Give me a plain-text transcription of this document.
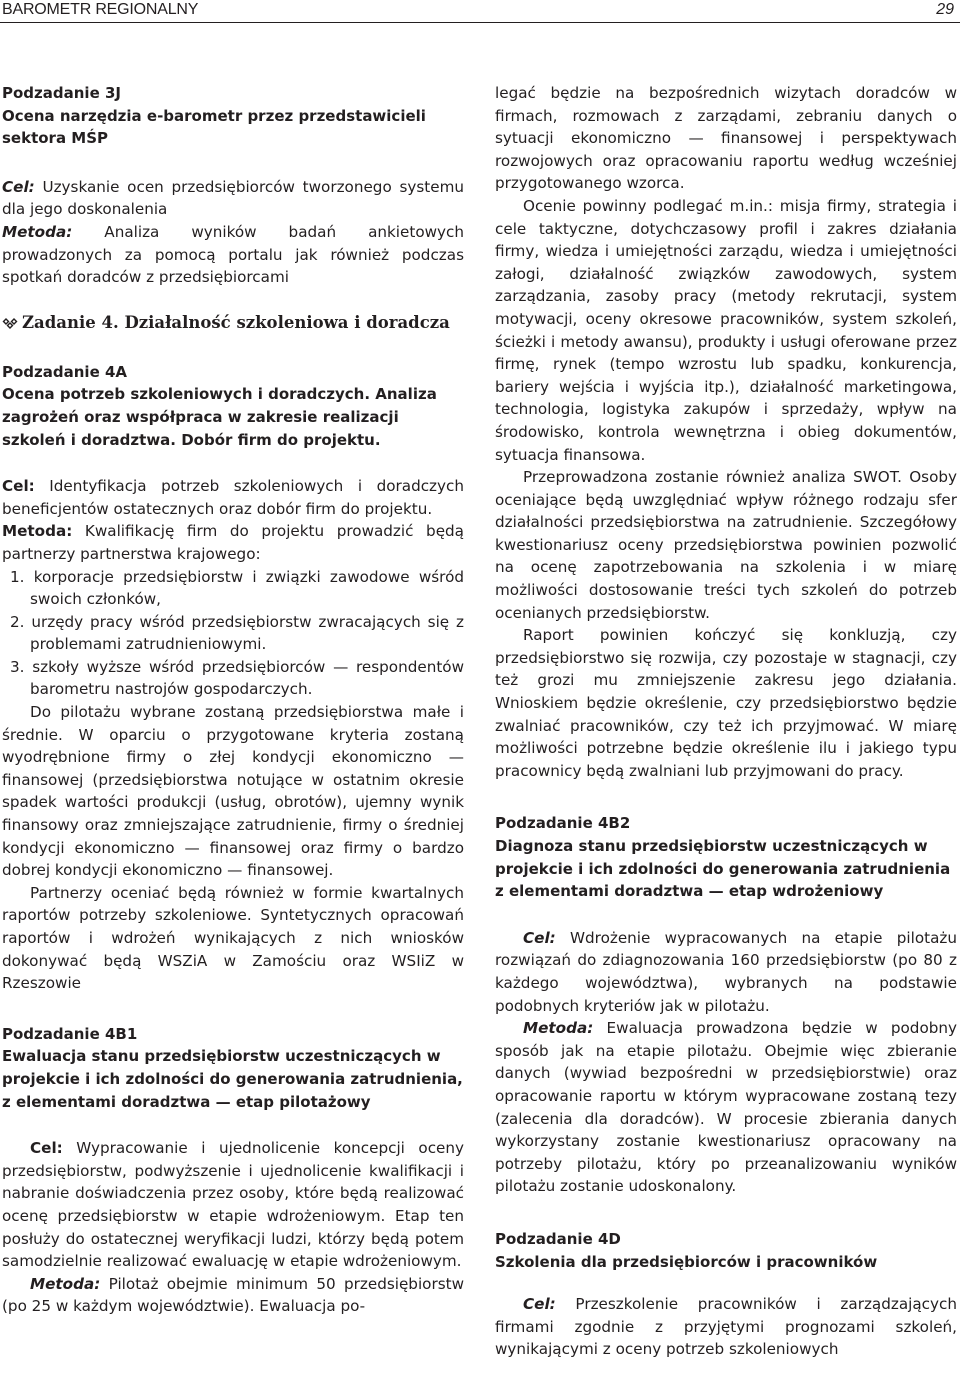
BAROMETR REGIONALNY	29
Podzadanie 3J
Ocena narzędzia e-barometr przez przedstawicieli
sektora MŚP
Cel: Uzyskanie ocen przedsiębiorców tworzonego systemu dla jego doskonalenia
Metoda: Analiza wyników badań ankietowych prowadzonych za pomocą portalu jak również podczas spotkań doradców z przedsiębiorcami
Zadanie 4. Działalność szkoleniowa i doradcza
Podzadanie 4A
Ocena potrzeb szkoleniowych i doradczych. Analiza zagrożeń oraz współpraca w zakresie realizacji szkoleń i doradztwa. Dobór firm do projektu.
Cel: Identyfikacja potrzeb szkoleniowych i doradczych beneficjentów ostatecznych oraz dobór firm do projektu.
Metoda: Kwalifikację firm do projektu prowadzić będą partnerzy partnerstwa krajowego:
1. korporacje przedsiębiorstw i związki zawodowe wśród swoich członków,
2. urzędy pracy wśród przedsiębiorstw zwracających się z problemami zatrudnieniowymi.
3. szkoły wyższe wśród przedsiębiorców — respondentów barometru nastrojów gospodarczych.
Do pilotażu wybrane zostaną przedsiębiorstwa małe i średnie. W oparciu o przygotowane kryteria zostaną wyodrębnione firmy o złej kondycji ekonomiczno — finansowej (przedsiębiorstwa notujące w ostatnim okresie spadek wartości produkcji (usług, obrotów), ujemny wynik finansowy oraz zmniejszające zatrudnienie, firmy o średniej kondycji ekonomiczno — finansowej oraz firmy o bardzo dobrej kondycji ekonomiczno — finansowej.
Partnerzy oceniać będą również w formie kwartalnych raportów potrzeby szkoleniowe. Syntetycznych opracowań raportów i wdrożeń wynikających z nich wniosków dokonywać będą WSZiA w Zamościu oraz WSIiZ w Rzeszowie
Podzadanie 4B1
Ewaluacja stanu przedsiębiorstw uczestniczących w projekcie i ich zdolności do generowania zatrudnienia, z elementami doradztwa — etap pilotażowy
Cel: Wypracowanie i ujednolicenie koncepcji oceny przedsiębiorstw, podwyższenie i ujednolicenie kwalifikacji i nabranie doświadczenia przez osoby, które będą realizować ocenę przedsiębiorstw w etapie wdrożeniowym. Etap ten posłuży do ostatecznej weryfikacji ludzi, którzy będą potem samodzielnie realizować ewaluację w etapie wdrożeniowym.
Metoda: Pilotaż obejmie minimum 50 przedsiębiorstw (po 25 w każdym województwie). Ewaluacja po-
legać będzie na bezpośrednich wizytach doradców w firmach, rozmowach z zarządami, zebraniu danych o sytuacji ekonomiczno — finansowej i perspektywach rozwojowych oraz opracowaniu raportu według wcześniej przygotowanego wzorca.
Ocenie powinny podlegać m.in.: misja firmy, strategia i cele taktyczne, dotychczasowy profil i zakres działania firmy, wiedza i umiejętności zarządu, wiedza i umiejętności załogi, działalność związków zawodowych, system zarządzania, zasoby pracy (metody rekrutacji, system motywacji, oceny okresowe pracowników, system szkoleń, ścieżki i metody awansu), produkty i usługi oferowane przez firmę, rynek (tempo wzrostu lub spadku, konkurencja, bariery wejścia i wyjścia itp.), działalność marketingowa, technologia, logistyka zakupów i sprzedaży, wpływ na środowisko, kontrola wewnętrzna i obieg dokumentów, sytuacja finansowa.
Przeprowadzona zostanie również analiza SWOT. Osoby oceniające będą uwzględniać wpływ różnego rodzaju sfer działalności przedsiębiorstwa na zatrudnienie. Szczegółowy kwestionariusz oceny przedsiębiorstwa powinien pozwolić na ocenę zapotrzebowania na szkolenia i w miarę możliwości dostosowanie treści tych szkoleń do potrzeb ocenianych przedsiębiorstw.
Raport powinien kończyć się konkluzją, czy przedsiębiorstwo się rozwija, czy pozostaje w stagnacji, czy też grozi mu zmniejszenie zakresu jego działania. Wnioskiem będzie określenie, czy przedsiębiorstwo będzie zwalniać pracowników, czy też ich przyjmować. W miarę możliwości potrzebne będzie określenie ilu i jakiego typu pracownicy będą zwalniani lub przyjmowani do pracy.
Podzadanie 4B2
Diagnoza stanu przedsiębiorstw uczestniczących w projekcie i ich zdolności do generowania zatrudnienia z elementami doradztwa — etap wdrożeniowy
Cel: Wdrożenie wypracowanych na etapie pilotażu rozwiązań do zdiagnozowania 160 przedsiębiorstw (po 80 z każdego województwa), wybranych na podstawie podobnych kryteriów jak w pilotażu.
Metoda: Ewaluacja prowadzona będzie w podobny sposób jak na etapie pilotażu. Obejmie więc zbieranie danych (wywiad bezpośredni w przedsiębiorstwie) oraz opracowanie raportu w którym wypracowane zostaną tezy (zalecenia dla doradców). W procesie zbierania danych wykorzystany zostanie kwestionariusz opracowany na potrzeby pilotażu, który po przeanalizowaniu wyników pilotażu zostanie udoskonalony.
Podzadanie 4D
Szkolenia dla przedsiębiorców i pracowników
Cel: Przeszkolenie pracowników i zarządzających firmami zgodnie z przyjętymi prognozami szkoleń, wynikającymi z oceny potrzeb szkoleniowych
